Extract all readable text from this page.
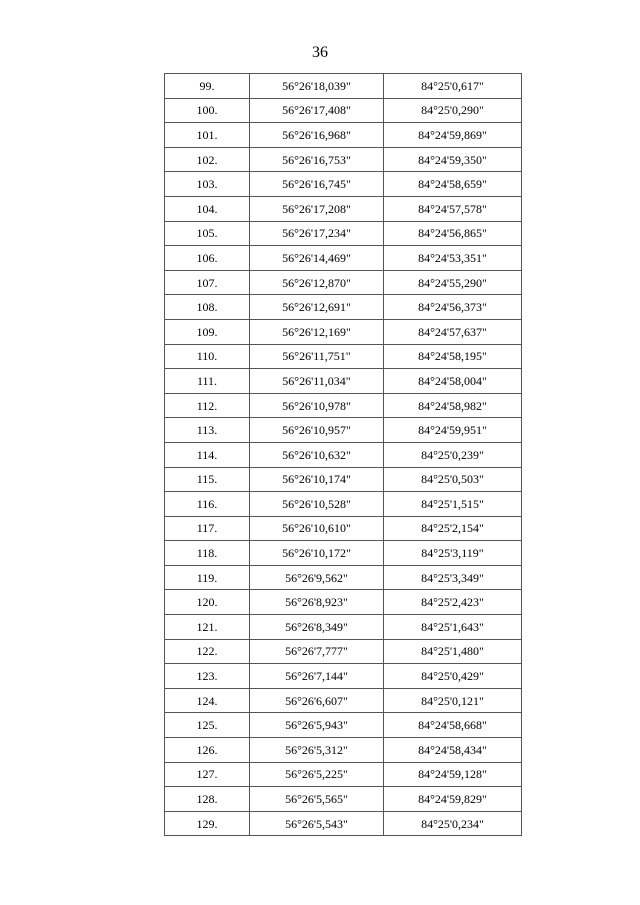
36
99.	56°26'18,039"	84°25'0,617"
100.	56°26'17,408"	84°25'0,290"
101.	56°26'16,968"	84°24'59,869"
102.	56°26'16,753"	84°24'59,350"
103.	56°26'16,745"	84°24'58,659"
104.	56°26'17,208"	84°24'57,578"
105.	56°26'17,234"	84°24'56,865"
106.	56°26'14,469"	84°24'53,351"
107.	56°26'12,870"	84°24'55,290"
108.	56°26'12,691"	84°24'56,373"
109.	56°26'12,169"	84°24'57,637"
110.	56°26'11,751"	84°24'58,195"
111.	56°26'11,034"	84°24'58,004"
112.	56°26'10,978"	84°24'58,982"
113.	56°26'10,957"	84°24'59,951"
114.	56°26'10,632"	84°25'0,239"
115.	56°26'10,174"	84°25'0,503"
116.	56°26'10,528"	84°25'1,515"
117.	56°26'10,610"	84°25'2,154"
118.	56°26'10,172"	84°25'3,119"
119.	56°26'9,562"	84°25'3,349"
120.	56°26'8,923"	84°25'2,423"
121.	56°26'8,349"	84°25'1,643"
122.	56°26'7,777"	84°25'1,480"
123.	56°26'7,144"	84°25'0,429"
124.	56°26'6,607"	84°25'0,121"
125.	56°26'5,943"	84°24'58,668"
126.	56°26'5,312"	84°24'58,434"
127.	56°26'5,225"	84°24'59,128"
128.	56°26'5,565"	84°24'59,829"
129.	56°26'5,543"	84°25'0,234"
